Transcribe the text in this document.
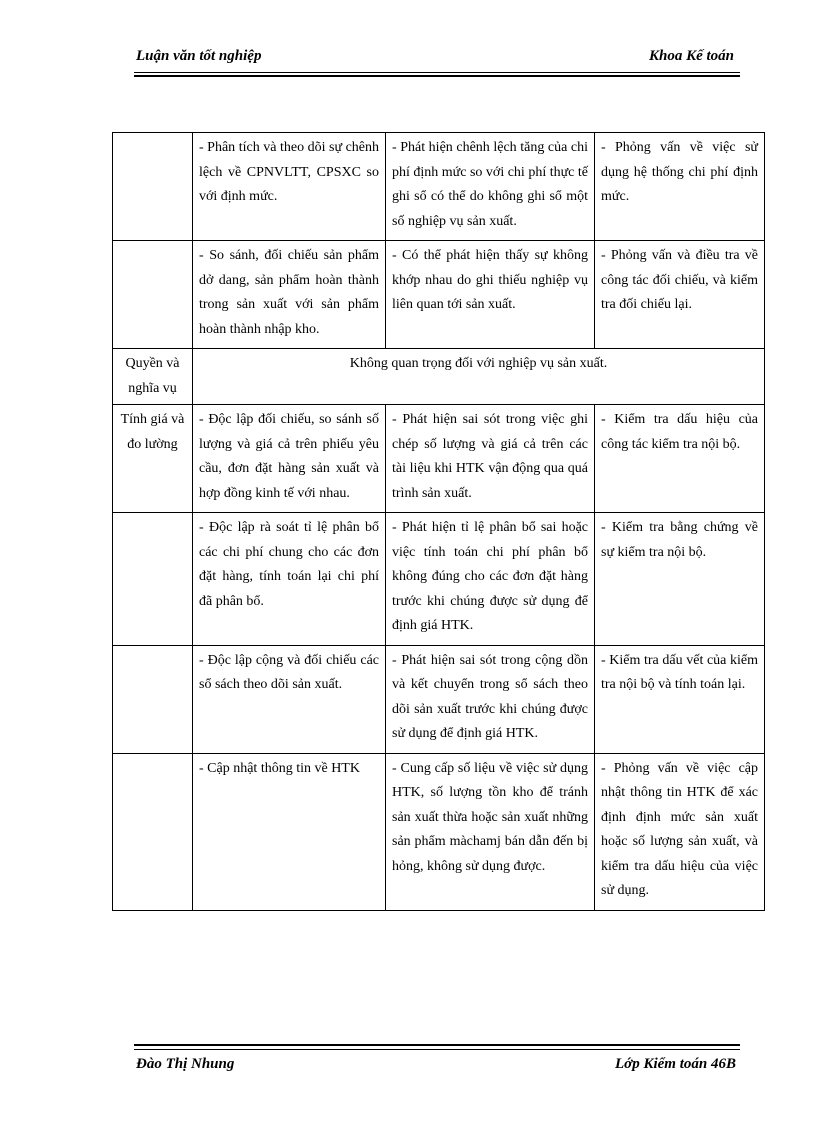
Luận văn tốt nghiệp	Khoa Kế toán
	- Phân tích và theo dõi sự chênh lệch về CPNVLTT, CPSXC so với định mức.	- Phát hiện chênh lệch tăng của chi phí định mức so với chi phí thực tế ghi sổ có thể do không ghi sổ một số nghiệp vụ sản xuất.	- Phỏng vấn về việc sử dụng hệ thống chi phí định mức.
	- So sánh, đối chiếu sản phẩm dở dang, sản phẩm hoàn thành trong sản xuất với sản phẩm hoàn thành nhập kho.	- Có thể phát hiện thấy sự không khớp nhau do ghi thiếu nghiệp vụ liên quan tới sản xuất.	- Phỏng vấn và điều tra về công tác đối chiếu, và kiểm tra đối chiếu lại.
Quyền và nghĩa vụ	Không quan trọng đối với nghiệp vụ sản xuất.		
Tính giá và đo lường	- Độc lập đối chiếu, so sánh số lượng và giá cả trên phiếu yêu cầu, đơn đặt hàng sản xuất và hợp đồng kinh tế với nhau.	- Phát hiện sai sót trong việc ghi chép số lượng và giá cả trên các tài liệu khi HTK vận động qua quá trình sản xuất.	- Kiểm tra dấu hiệu của công tác kiểm tra nội bộ.
	- Độc lập rà soát tỉ lệ phân bổ các chi phí chung cho các đơn đặt hàng, tính toán lại chi phí đã phân bổ.	- Phát hiện tỉ lệ phân bổ sai hoặc việc tính toán chi phí phân bổ không đúng cho các đơn đặt hàng trước khi chúng được sử dụng để định giá HTK.	- Kiểm tra bằng chứng về sự kiểm tra nội bộ.
	- Độc lập cộng và đối chiếu các sổ sách theo dõi sản xuất.	- Phát hiện sai sót trong cộng dồn và kết chuyển trong sổ sách theo dõi sản xuất trước khi chúng được sử dụng để định giá HTK.	- Kiểm tra dấu vết của kiểm tra nội bộ và tính toán lại.
	- Cập nhật thông tin về HTK	- Cung cấp số liệu về việc sử dụng HTK, số lượng tồn kho để tránh sản xuất thừa hoặc sản xuất những sản phẩm màchamj bán dẫn đến bị hỏng, không sử dụng được.	- Phỏng vấn về việc cập nhật thông tin HTK để xác định định mức sản xuất hoặc số lượng sản xuất, và kiểm tra dấu hiệu của việc sử dụng.
Đào Thị Nhung	Lớp Kiểm toán 46B
